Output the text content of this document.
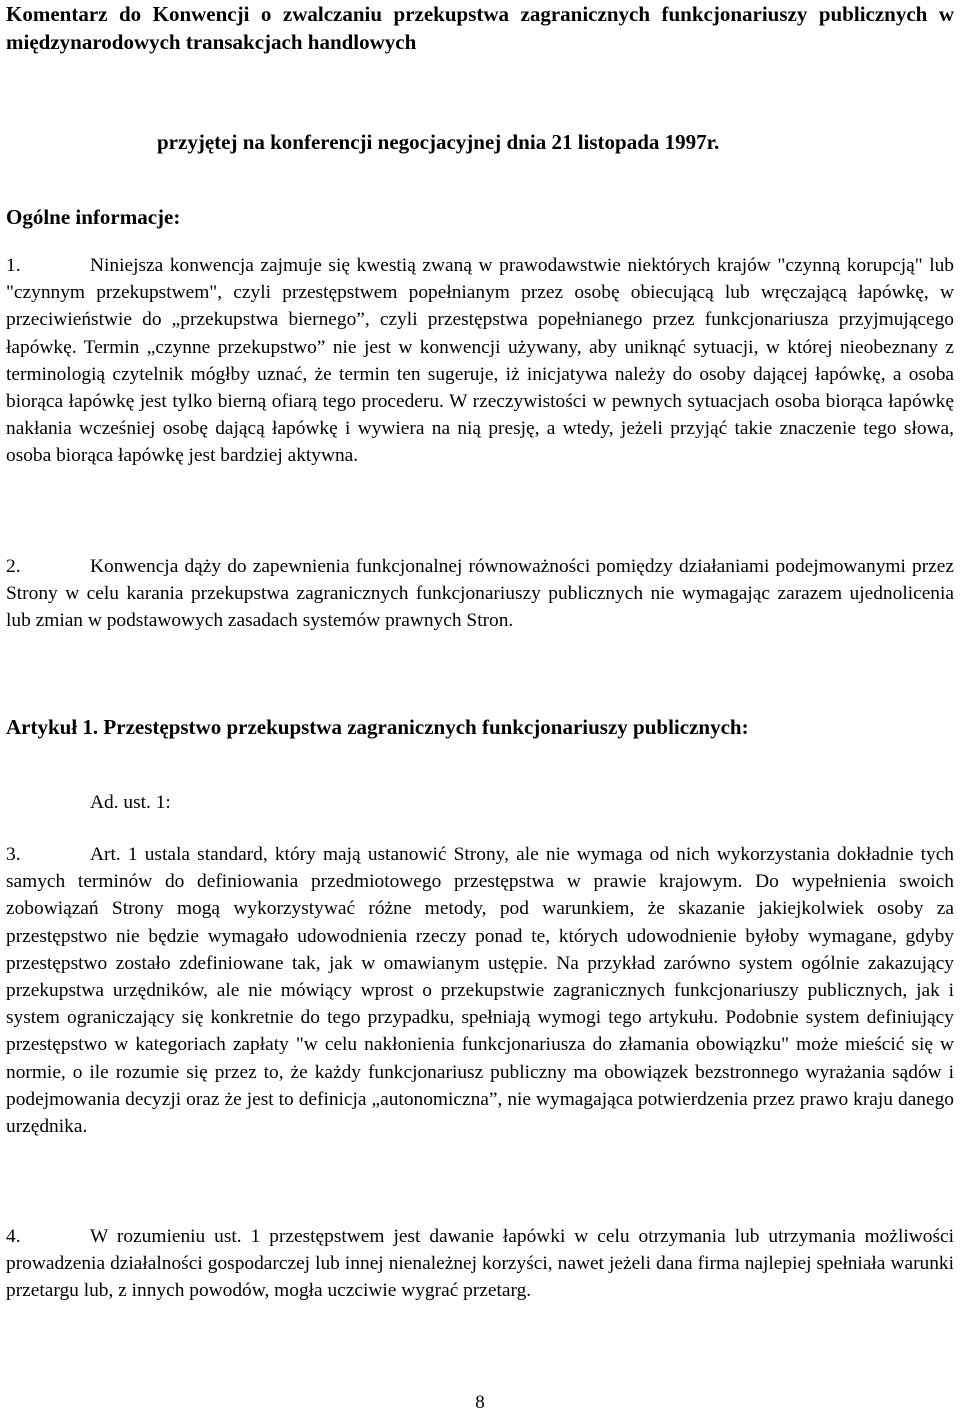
Komentarz do Konwencji o zwalczaniu przekupstwa zagranicznych funkcjonariuszy publicznych w międzynarodowych transakcjach handlowych

przyjętej na konferencji negocjacyjnej dnia 21 listopada 1997r.

Ogólne informacje:

1.	Niniejsza konwencja zajmuje się kwestią zwaną w prawodawstwie niektórych krajów "czynną korupcją" lub "czynnym przekupstwem", czyli przestępstwem popełnianym przez osobę obiecującą lub wręczającą łapówkę, w przeciwieństwie do „przekupstwa biernego”, czyli przestępstwa popełnianego przez funkcjonariusza przyjmującego łapówkę. Termin „czynne przekupstwo” nie jest w konwencji używany, aby uniknąć sytuacji, w której nieobeznany z terminologią czytelnik mógłby uznać, że termin ten sugeruje, iż inicjatywa należy do osoby dającej łapówkę, a osoba biorąca łapówkę jest tylko bierną ofiarą tego procederu. W rzeczywistości w pewnych sytuacjach osoba biorąca łapówkę nakłania wcześniej osobę dającą łapówkę i wywiera na nią presję, a wtedy, jeżeli przyjąć takie znaczenie tego słowa, osoba biorąca łapówkę jest bardziej aktywna.

2.	Konwencja dąży do zapewnienia funkcjonalnej równoważności pomiędzy działaniami podejmowanymi przez Strony w celu karania przekupstwa zagranicznych funkcjonariuszy publicznych nie wymagając zarazem ujednolicenia lub zmian w podstawowych zasadach systemów prawnych Stron.

Artykuł 1. Przestępstwo przekupstwa zagranicznych funkcjonariuszy publicznych:

Ad. ust. 1:

3.	Art. 1 ustala standard, który mają ustanowić Strony, ale nie wymaga od nich wykorzystania dokładnie tych samych terminów do definiowania przedmiotowego przestępstwa w prawie krajowym. Do wypełnienia swoich zobowiązań Strony mogą wykorzystywać różne metody, pod warunkiem, że skazanie jakiejkolwiek osoby za przestępstwo nie będzie wymagało udowodnienia rzeczy ponad te, których udowodnienie byłoby wymagane, gdyby przestępstwo zostało zdefiniowane tak, jak w omawianym ustępie. Na przykład zarówno system ogólnie zakazujący przekupstwa urzędników, ale nie mówiący wprost o przekupstwie zagranicznych funkcjonariuszy publicznych, jak i system ograniczający się konkretnie do tego przypadku, spełniają wymogi tego artykułu. Podobnie system definiujący przestępstwo w kategoriach zapłaty "w celu nakłonienia funkcjonariusza do złamania obowiązku" może mieścić się w normie, o ile rozumie się przez to, że każdy funkcjonariusz publiczny ma obowiązek bezstronnego wyrażania sądów i podejmowania decyzji oraz że jest to definicja „autonomiczna”, nie wymagająca potwierdzenia przez prawo kraju danego urzędnika.

4.	W rozumieniu ust. 1 przestępstwem jest dawanie łapówki w celu otrzymania lub utrzymania możliwości prowadzenia działalności gospodarczej lub innej nienależnej korzyści, nawet jeżeli dana firma najlepiej spełniała warunki przetargu lub, z innych powodów, mogła uczciwie wygrać przetarg.

8
